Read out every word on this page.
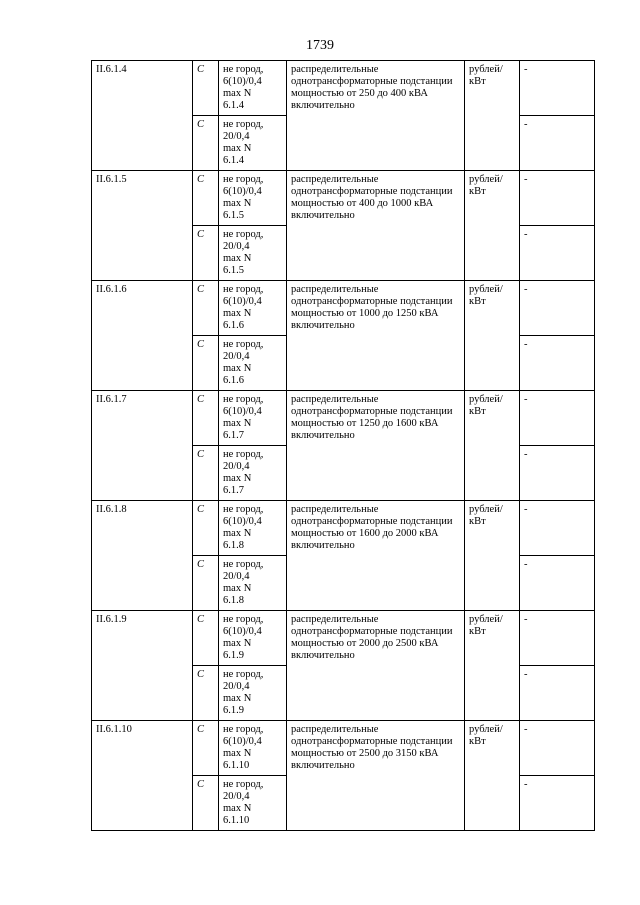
1739
II.6.1.4	С	не город,
6(10)/0,4
max N
6.1.4	распределительные однотрансформаторные подстанции мощностью от 250 до 400 кВА включительно	рублей/ кВт	-
	С	не город,
20/0,4
max N
6.1.4			-
II.6.1.5	С	не город,
6(10)/0,4
max N
6.1.5	распределительные однотрансформаторные подстанции мощностью от 400 до 1000 кВА включительно	рублей/ кВт	-
	С	не город,
20/0,4
max N
6.1.5			-
II.6.1.6	С	не город,
6(10)/0,4
max N
6.1.6	распределительные однотрансформаторные подстанции мощностью от 1000 до 1250 кВА включительно	рублей/ кВт	-
	С	не город,
20/0,4
max N
6.1.6			-
II.6.1.7	С	не город,
6(10)/0,4
max N
6.1.7	распределительные однотрансформаторные подстанции мощностью от 1250 до 1600 кВА включительно	рублей/ кВт	-
	С	не город,
20/0,4
max N
6.1.7			-
II.6.1.8	С	не город,
6(10)/0,4
max N
6.1.8	распределительные однотрансформаторные подстанции мощностью от 1600 до 2000 кВА включительно	рублей/ кВт	-
	С	не город,
20/0,4
max N
6.1.8			-
II.6.1.9	С	не город,
6(10)/0,4
max N
6.1.9	распределительные однотрансформаторные подстанции мощностью от 2000 до 2500 кВА включительно	рублей/ кВт	-
	С	не город,
20/0,4
max N
6.1.9			-
II.6.1.10	С	не город,
6(10)/0,4
max N
6.1.10	распределительные однотрансформаторные подстанции мощностью от 2500 до 3150 кВА включительно	рублей/ кВт	-
	С	не город,
20/0,4
max N
6.1.10			-
